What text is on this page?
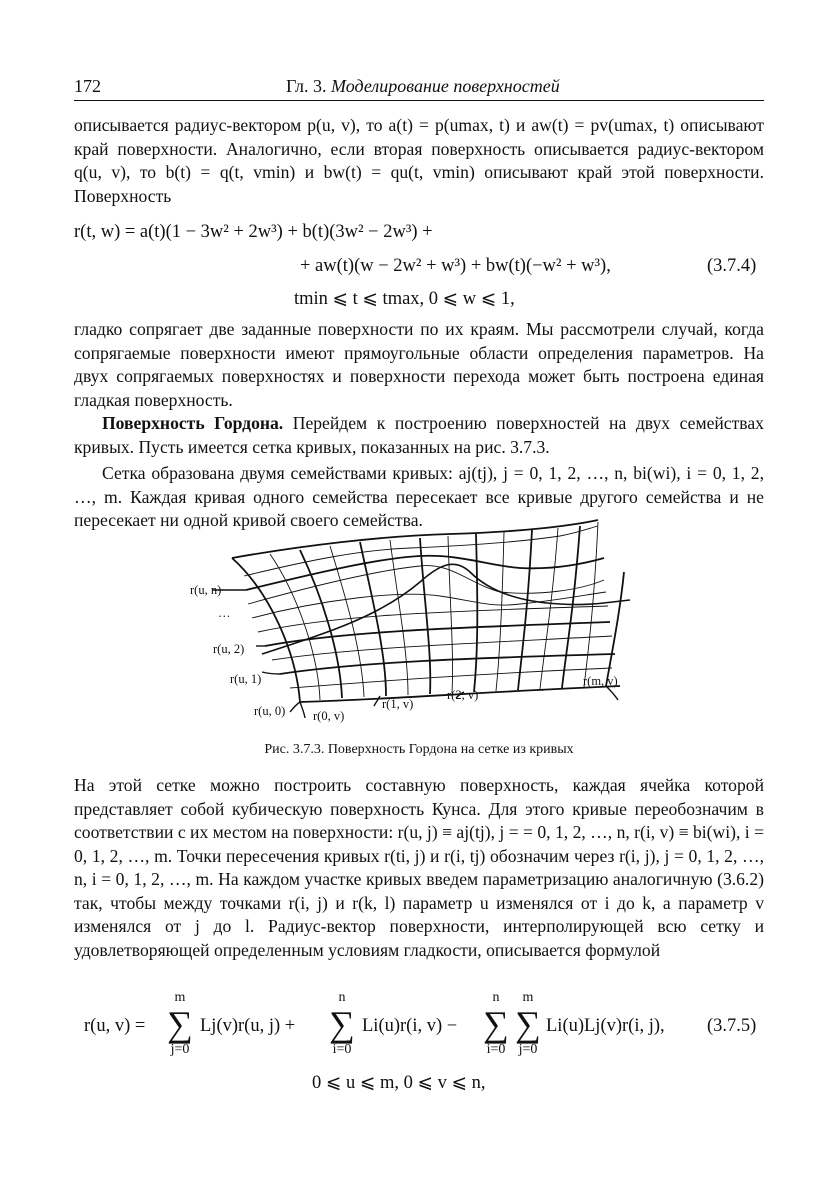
172	Гл. 3. Моделирование поверхностей

описывается радиус-вектором p(u, v), то a(t) = p(umax, t) и aw(t) = pv(umax, t) описывают край поверхности. Аналогично, если вторая поверхность описывается радиус-вектором q(u, v), то b(t) = q(t, vmin) и bw(t) = qu(t, vmin) описывают край этой поверхности. Поверхность

r(t, w) = a(t)(1 − 3w² + 2w³) + b(t)(3w² − 2w³) +
+ aw(t)(w − 2w² + w³) + bw(t)(−w² + w³),	(3.7.4)
tmin ⩽ t ⩽ tmax, 0 ⩽ w ⩽ 1,

гладко сопрягает две заданные поверхности по их краям. Мы рассмотрели случай, когда сопрягаемые поверхности имеют прямоугольные области определения параметров. На двух сопрягаемых поверхностях и поверхности перехода может быть построена единая гладкая поверхность.

Поверхность Гордона. Перейдем к построению поверхностей на двух семействах кривых. Пусть имеется сетка кривых, показанных на рис. 3.7.3.

Сетка образована двумя семействами кривых: aj(tj), j = 0, 1, 2, …, n, bi(wi), i = 0, 1, 2, …, m. Каждая кривая одного семейства пересекает все кривые другого семейства и не пересекает ни одной кривой своего семейства.

r(u, n)
…
r(u, 2)
r(u, 1)
r(u, 0) r(0, v)
r(1, v)
r(2, v)
…	r(m, v)
Рис. 3.7.3. Поверхность Гордона на сетке из кривых

На этой сетке можно построить составную поверхность, каждая ячейка которой представляет собой кубическую поверхность Кунса. Для этого кривые переобозначим в соответствии с их местом на поверхности: r(u, j) ≡ aj(tj), j = = 0, 1, 2, …, n, r(i, v) ≡ bi(wi), i = 0, 1, 2, …, m. Точки пересечения кривых r(ti, j) и r(i, tj) обозначим через r(i, j), j = 0, 1, 2, …, n, i = 0, 1, 2, …, m. На каждом участке кривых введем параметризацию аналогичную (3.6.2) так, чтобы между точками r(i, j) и r(k, l) параметр u изменялся от i до k, а параметр v изменялся от j до l. Радиус-вектор поверхности, интерполирующей всю сетку и удовлетворяющей определенным условиям гладкости, описывается формулой

r(u, v) =
m
∑
j=0
Lj(v)r(u, j) +
n
∑
i=0
Li(u)r(i, v) −
n
∑
i=0
m
∑
j=0
Li(u)Lj(v)r(i, j), (3.7.5)
0 ⩽ u ⩽ m, 0 ⩽ v ⩽ n,
